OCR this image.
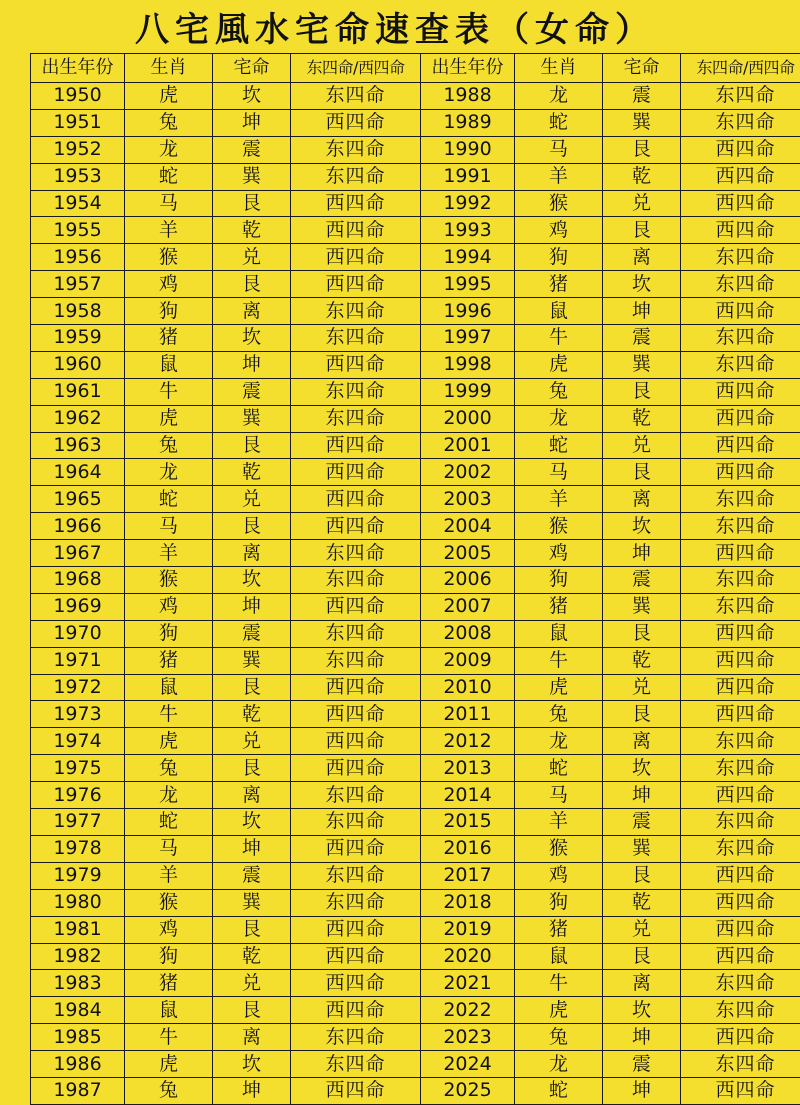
八宅風水宅命速查表（女命）
出生年份	生肖	宅命	东四命/西四命	出生年份	生肖	宅命	东四命/西四命
1950	虎	坎	东四命	1988	龙	震	东四命
1951	兔	坤	西四命	1989	蛇	巽	东四命
1952	龙	震	东四命	1990	马	艮	西四命
1953	蛇	巽	东四命	1991	羊	乾	西四命
1954	马	艮	西四命	1992	猴	兑	西四命
1955	羊	乾	西四命	1993	鸡	艮	西四命
1956	猴	兑	西四命	1994	狗	离	东四命
1957	鸡	艮	西四命	1995	猪	坎	东四命
1958	狗	离	东四命	1996	鼠	坤	西四命
1959	猪	坎	东四命	1997	牛	震	东四命
1960	鼠	坤	西四命	1998	虎	巽	东四命
1961	牛	震	东四命	1999	兔	艮	西四命
1962	虎	巽	东四命	2000	龙	乾	西四命
1963	兔	艮	西四命	2001	蛇	兑	西四命
1964	龙	乾	西四命	2002	马	艮	西四命
1965	蛇	兑	西四命	2003	羊	离	东四命
1966	马	艮	西四命	2004	猴	坎	东四命
1967	羊	离	东四命	2005	鸡	坤	西四命
1968	猴	坎	东四命	2006	狗	震	东四命
1969	鸡	坤	西四命	2007	猪	巽	东四命
1970	狗	震	东四命	2008	鼠	艮	西四命
1971	猪	巽	东四命	2009	牛	乾	西四命
1972	鼠	艮	西四命	2010	虎	兑	西四命
1973	牛	乾	西四命	2011	兔	艮	西四命
1974	虎	兑	西四命	2012	龙	离	东四命
1975	兔	艮	西四命	2013	蛇	坎	东四命
1976	龙	离	东四命	2014	马	坤	西四命
1977	蛇	坎	东四命	2015	羊	震	东四命
1978	马	坤	西四命	2016	猴	巽	东四命
1979	羊	震	东四命	2017	鸡	艮	西四命
1980	猴	巽	东四命	2018	狗	乾	西四命
1981	鸡	艮	西四命	2019	猪	兑	西四命
1982	狗	乾	西四命	2020	鼠	艮	西四命
1983	猪	兑	西四命	2021	牛	离	东四命
1984	鼠	艮	西四命	2022	虎	坎	东四命
1985	牛	离	东四命	2023	兔	坤	西四命
1986	虎	坎	东四命	2024	龙	震	东四命
1987	兔	坤	西四命	2025	蛇	坤	西四命
